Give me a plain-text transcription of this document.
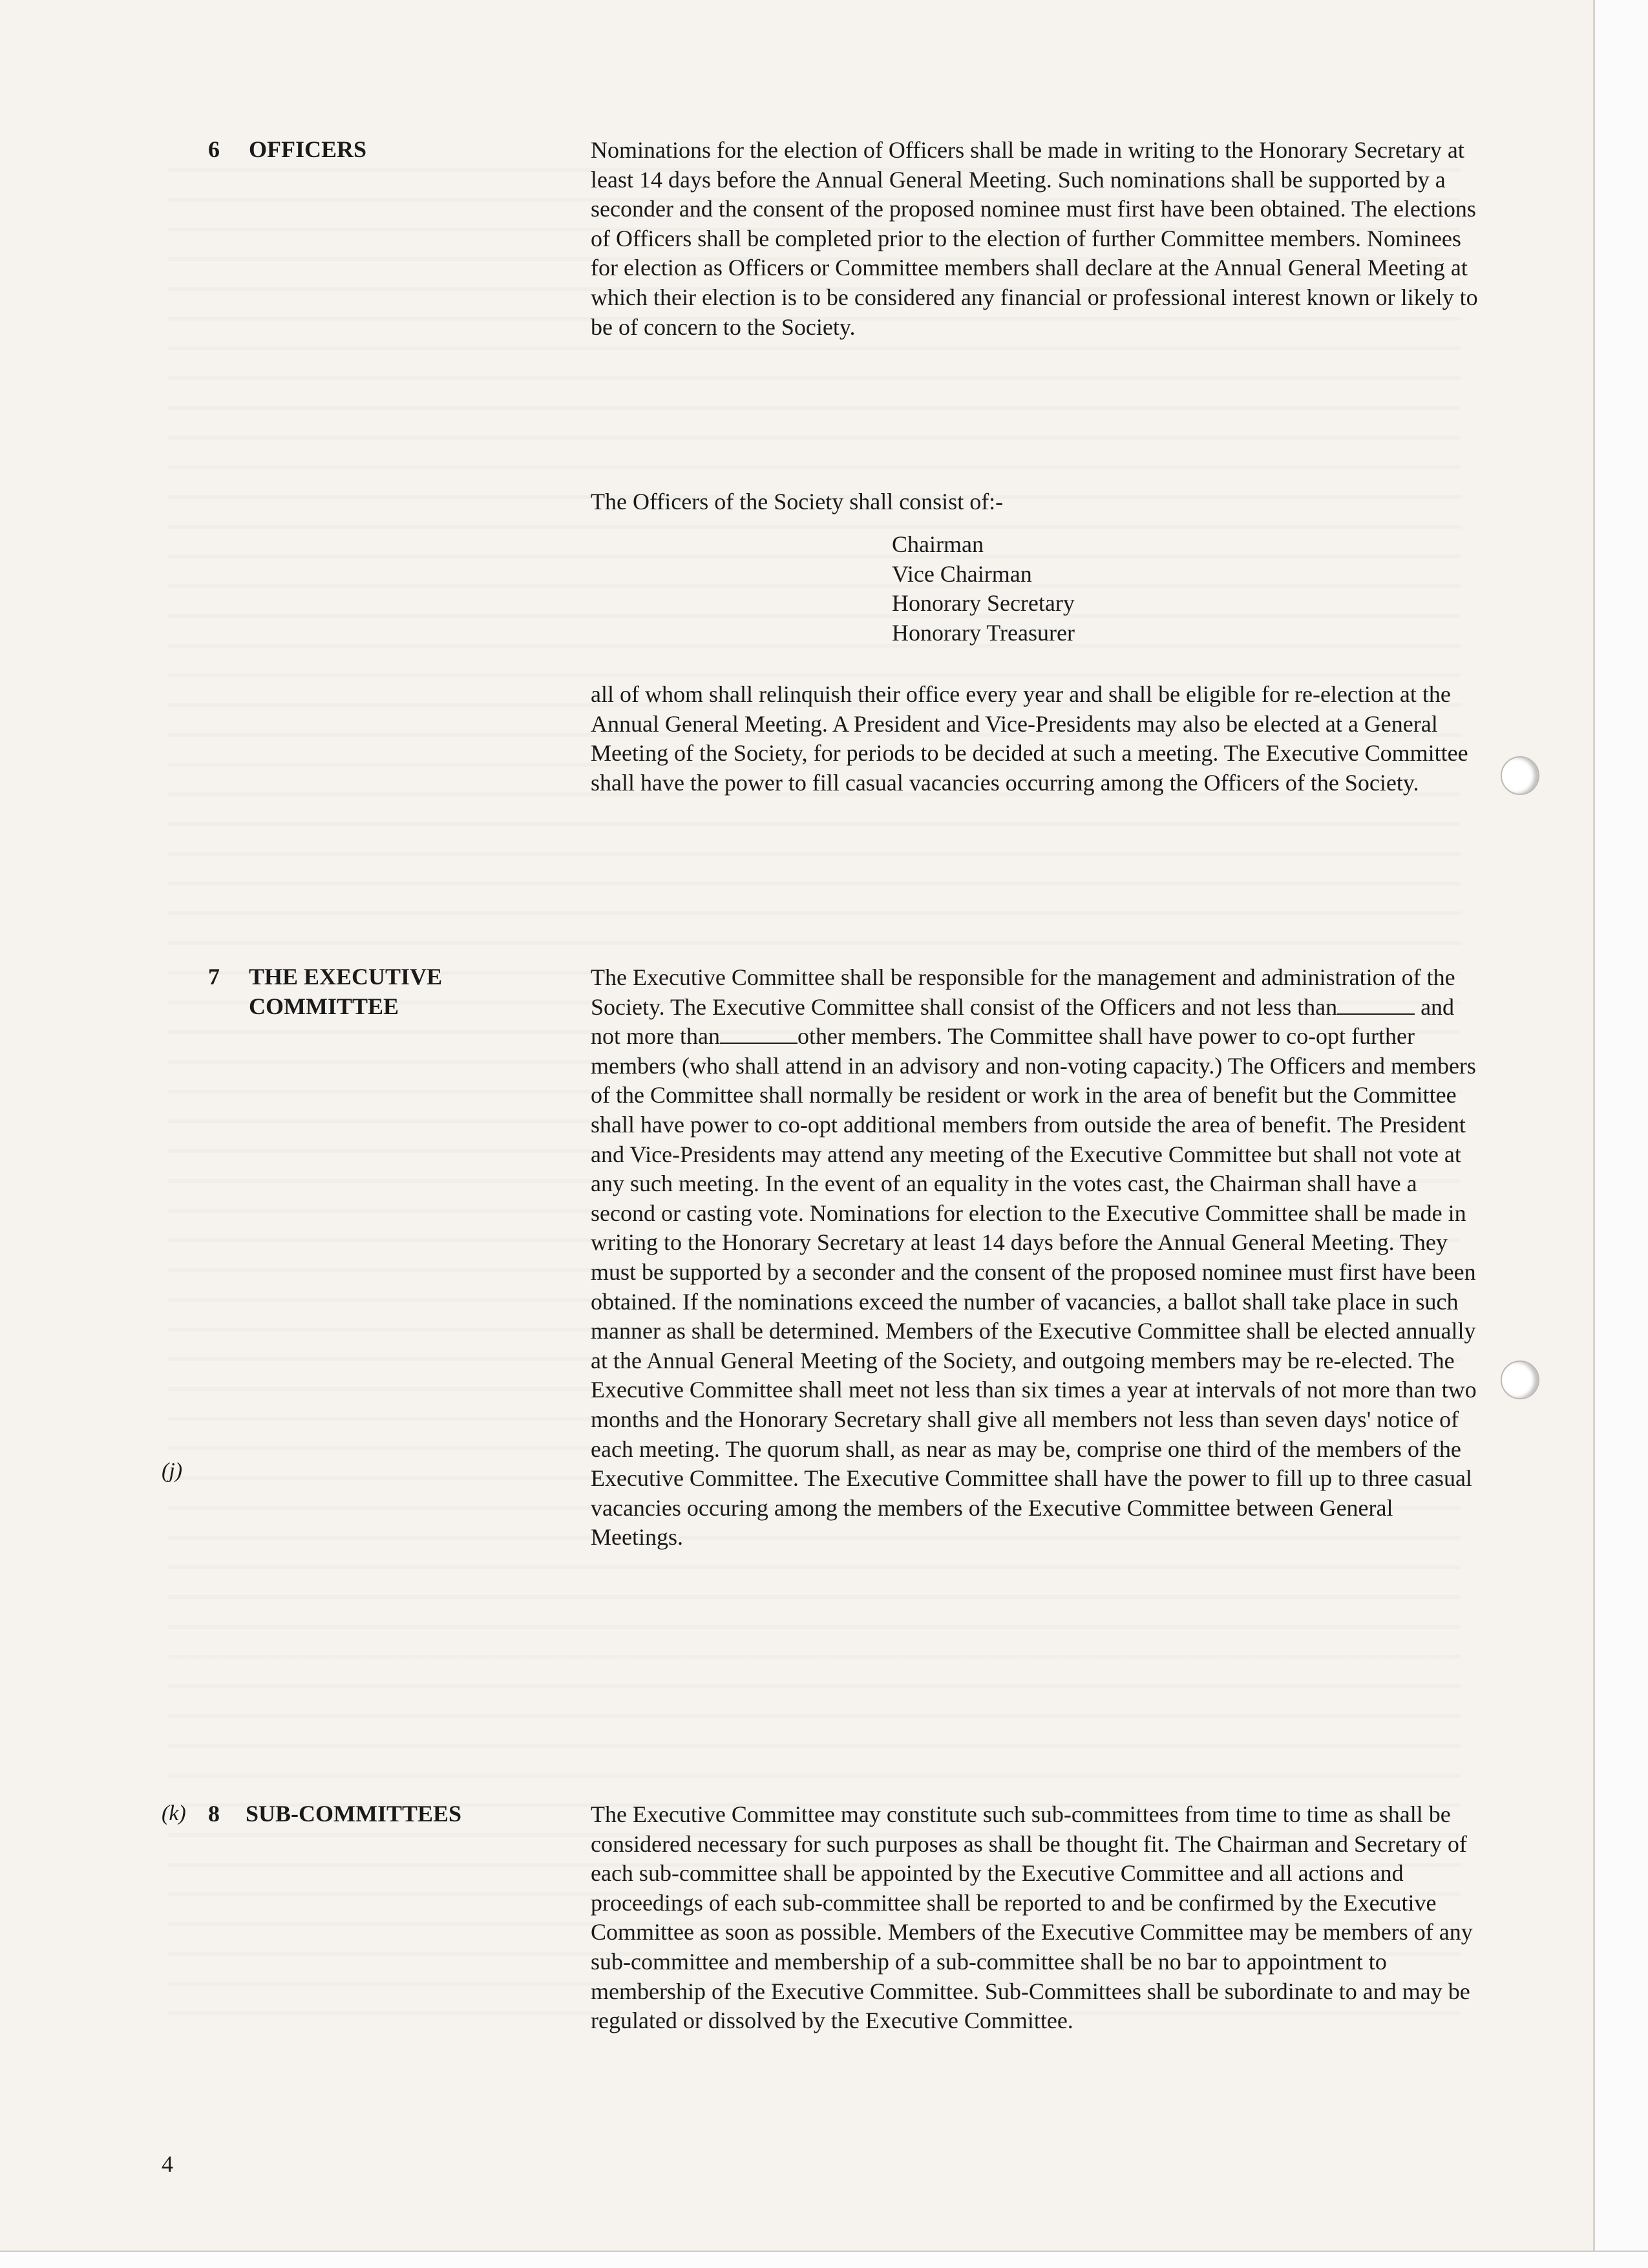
6 OFFICERS	Nominations for the election of Officers shall be made in writing to the Honorary Secretary at least 14 days before the Annual General Meeting. Such nominations shall be supported by a seconder and the consent of the proposed nominee must first have been obtained. The elections of Officers shall be completed prior to the election of further Committee members. Nominees for election as Officers or Committee members shall declare at the Annual General Meeting at which their election is to be considered any financial or professional interest known or likely to be of concern to the Society.
The Officers of the Society shall consist of:-
Chairman
Vice Chairman
Honorary Secretary
Honorary Treasurer
all of whom shall relinquish their office every year and shall be eligible for re-election at the Annual General Meeting. A President and Vice-Presidents may also be elected at a General Meeting of the Society, for periods to be decided at such a meeting. The Executive Committee shall have the power to fill casual vacancies occurring among the Officers of the Society.
7 THE EXECUTIVE
COMMITTEE
(j)
The Executive Committee shall be responsible for the management and administration of the Society. The Executive Committee shall consist of the Officers and not less than	and not more than	other members. The Committee shall have power to co-opt further members (who shall attend in an advisory and non-voting capacity.) The Officers and members of the Committee shall normally be resident or work in the area of benefit but the Committee shall have power to co-opt additional members from outside the area of benefit. The President and Vice-Presidents may attend any meeting of the Executive Committee but shall not vote at any such meeting. In the event of an equality in the votes cast, the Chairman shall have a second or casting vote. Nominations for election to the Executive Committee shall be made in writing to the Honorary Secretary at least 14 days before the Annual General Meeting. They must be supported by a seconder and the consent of the proposed nominee must first have been obtained. If the nominations exceed the number of vacancies, a ballot shall take place in such manner as shall be determined. Members of the Executive Committee shall be elected annually at the Annual General Meeting of the Society, and outgoing members may be re-elected. The Executive Committee shall meet not less than six times a year at intervals of not more than two months and the Honorary Secretary shall give all members not less than seven days' notice of each meeting. The quorum shall, as near as may be, comprise one third of the members of the Executive Committee. The Executive Committee shall have the power to fill up to three casual vacancies occuring among the members of the Executive Committee between General Meetings.
(k) 8 SUB-COMMITTEES	The Executive Committee may constitute such sub-committees from time to time as shall be considered necessary for such purposes as shall be thought fit. The Chairman and Secretary of each sub-committee shall be appointed by the Executive Committee and all actions and proceedings of each sub-committee shall be reported to and be confirmed by the Executive Committee as soon as possible. Members of the Executive Committee may be members of any sub-committee and membership of a sub-committee shall be no bar to appointment to membership of the Executive Committee. Sub-Committees shall be subordinate to and may be regulated or dissolved by the Executive Committee.
4
